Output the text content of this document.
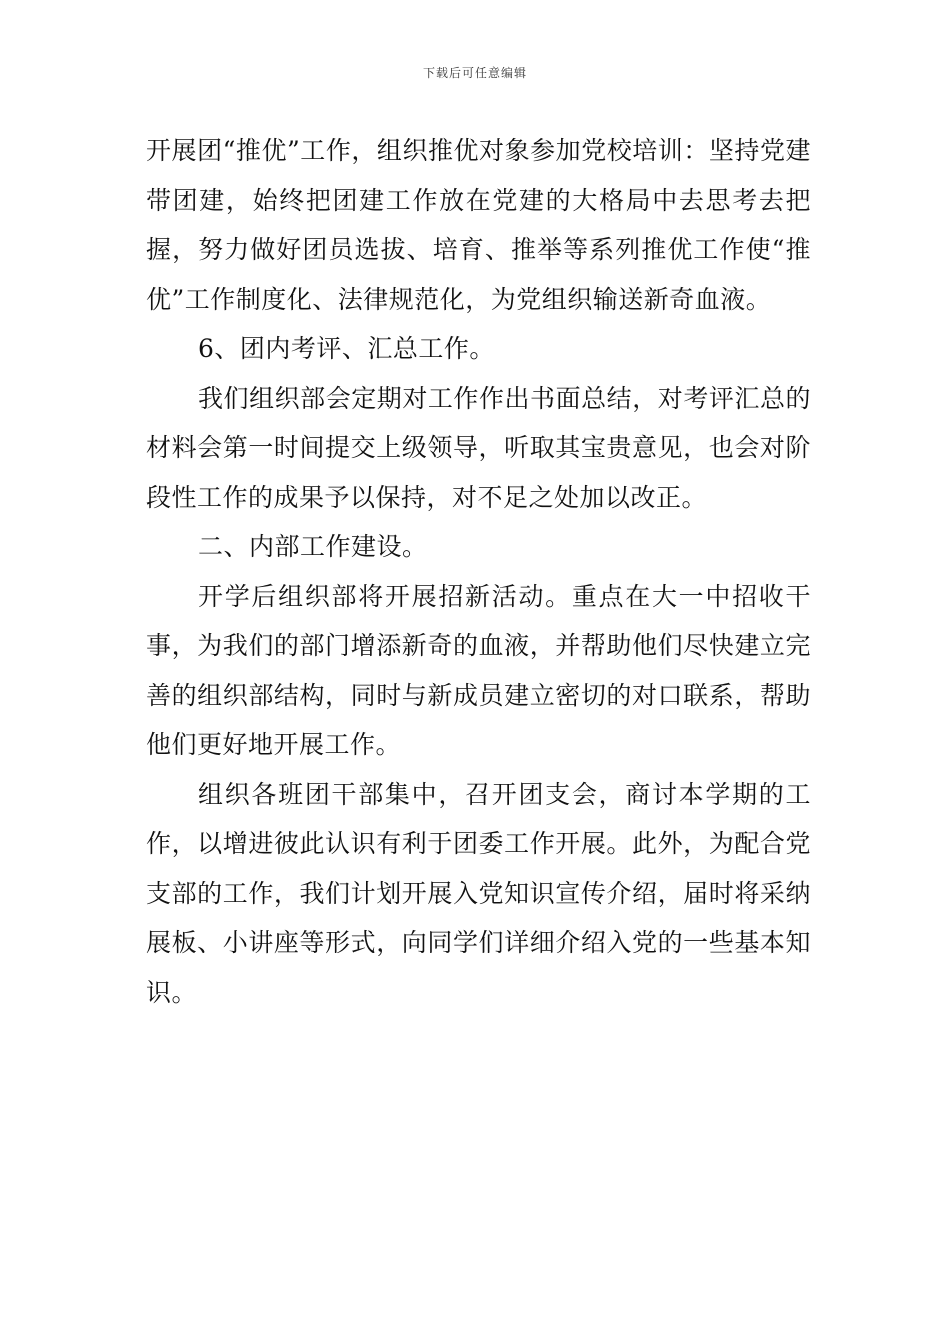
下载后可任意编辑

开展团“推优”工作，组织推优对象参加党校培训：坚持党建带团建，始终把团建工作放在党建的大格局中去思考去把握，努力做好团员选拔、培育、推举等系列推优工作使“推优”工作制度化、法律规范化，为党组织输送新奇血液。

6、团内考评、汇总工作。

我们组织部会定期对工作作出书面总结，对考评汇总的材料会第一时间提交上级领导，听取其宝贵意见，也会对阶段性工作的成果予以保持，对不足之处加以改正。

二、内部工作建设。

开学后组织部将开展招新活动。重点在大一中招收干事，为我们的部门增添新奇的血液，并帮助他们尽快建立完善的组织部结构，同时与新成员建立密切的对口联系，帮助他们更好地开展工作。

组织各班团干部集中，召开团支会，商讨本学期的工作，以增进彼此认识有利于团委工作开展。此外，为配合党支部的工作，我们计划开展入党知识宣传介绍，届时将采纳展板、小讲座等形式，向同学们详细介绍入党的一些基本知识。
